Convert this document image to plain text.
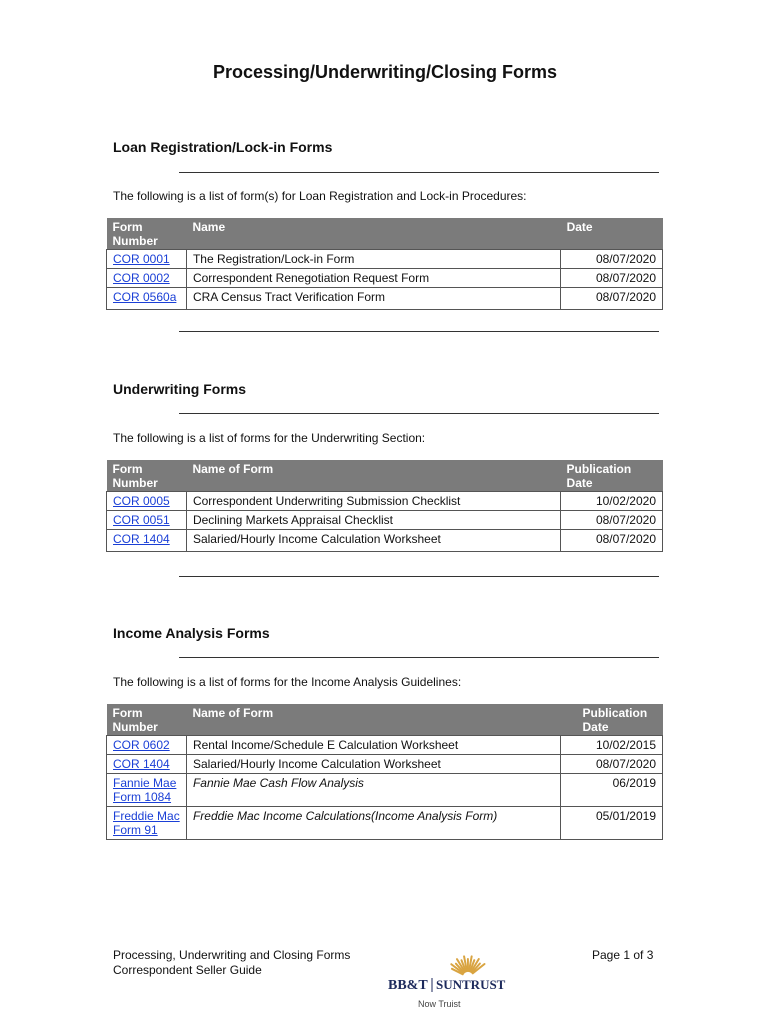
Processing/Underwriting/Closing Forms
Loan Registration/Lock-in Forms

The following is a list of form(s) for Loan Registration and Lock-in Procedures:

Form Number	Name	Date
COR 0001	The Registration/Lock-in Form	08/07/2020
COR 0002	Correspondent Renegotiation Request Form	08/07/2020
COR 0560a	CRA Census Tract Verification Form	08/07/2020
Underwriting Forms

The following is a list of forms for the Underwriting Section:

Form Number	Name of Form	Publication Date
COR 0005	Correspondent Underwriting Submission Checklist	10/02/2020
COR 0051	Declining Markets Appraisal Checklist	08/07/2020
COR 1404	Salaried/Hourly Income Calculation Worksheet	08/07/2020
Income Analysis Forms

The following is a list of forms for the Income Analysis Guidelines:

Form Number	Name of Form	Publication Date

COR 0602	Rental Income/Schedule E Calculation Worksheet	10/02/2015
COR 1404	Salaried/Hourly Income Calculation Worksheet	08/07/2020
Fannie Mae Form 1084	Fannie Mae Cash Flow Analysis	06/2019
Freddie Mac Form 91	Freddie Mac Income Calculations(Income Analysis Form)	05/01/2019
Processing, Underwriting and Closing Forms
Correspondent Seller Guide
Page 1 of 3
BB&T SUNTRUST
Now Truist
